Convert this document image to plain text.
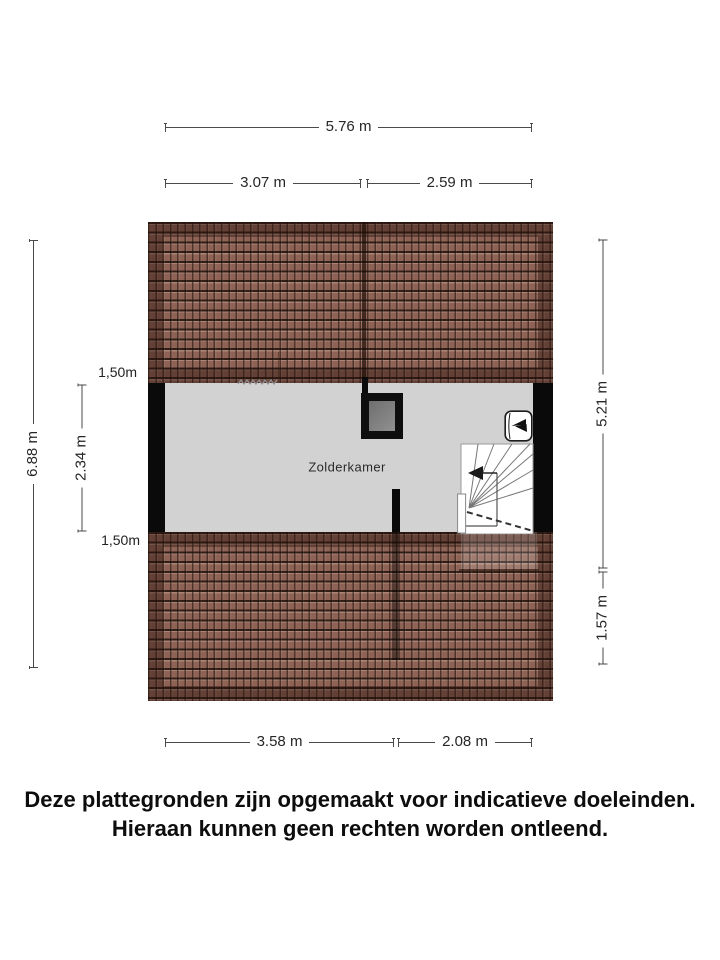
5.76 m
3.07 m	2.59 m
6.88 m 2.34 m
5.21 m
1.57 m
1,50m
1,50m
Zolderkamer
3.58 m	2.08 m
Deze plattegronden zijn opgemaakt voor indicatieve doeleinden.
Hieraan kunnen geen rechten worden ontleend.
